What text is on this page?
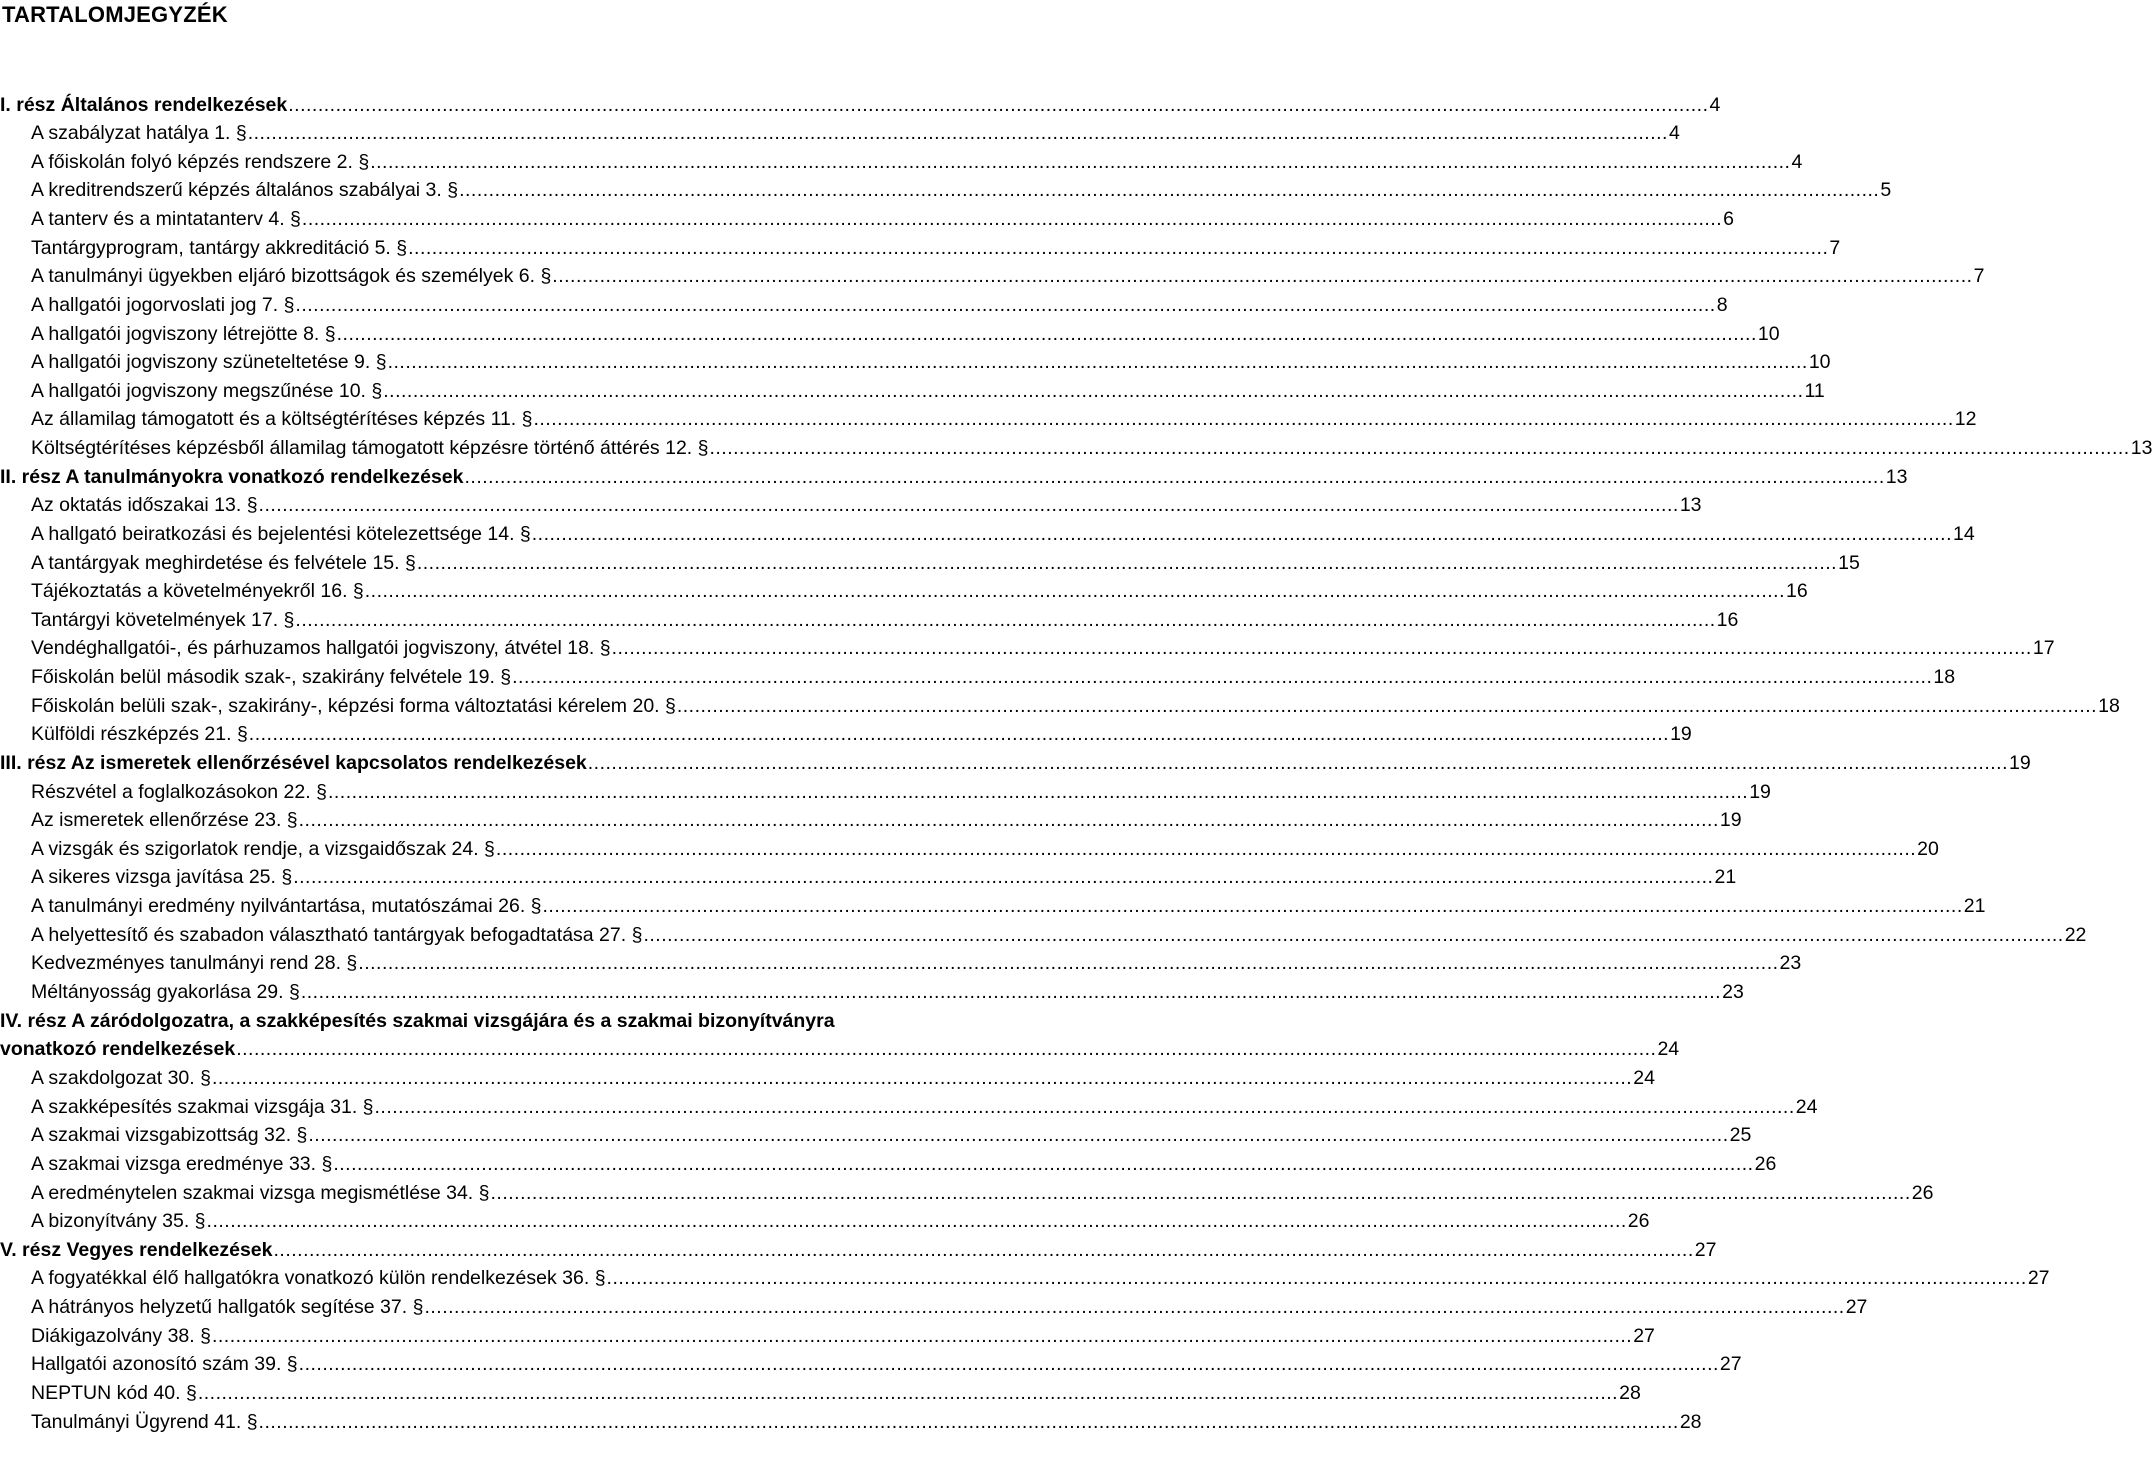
TARTALOMJEGYZÉK
I. rész Általános rendelkezések .....	4
A szabályzat hatálya 1. § .....	4
A főiskolán folyó képzés rendszere 2. § .....	4
A kreditrendszerű képzés általános szabályai 3. § .....	5
A tanterv és a mintatanterv 4. § .....	6
Tantárgyprogram, tantárgy akkreditáció 5. § .....	7
A tanulmányi ügyekben eljáró bizottságok és személyek 6. § .....	7
A hallgatói jogorvoslati jog 7. § .....	8
A hallgatói jogviszony létrejötte 8. § .....	10
A hallgatói jogviszony szüneteltetése 9. § .....	10
A hallgatói jogviszony megszűnése 10. § .....	11
Az államilag támogatott és a költségtérítéses képzés 11. § .....	12
Költségtérítéses képzésből államilag támogatott képzésre történő áttérés 12. § .....	13
II. rész A tanulmányokra vonatkozó rendelkezések .....	13
Az oktatás időszakai 13. § .....	13
A hallgató beiratkozási és bejelentési kötelezettsége 14. § .....	14
A tantárgyak meghirdetése és felvétele 15. § .....	15
Tájékoztatás a követelményekről 16. § .....	16
Tantárgyi követelmények 17. § .....	16
Vendéghallgatói-, és párhuzamos hallgatói jogviszony, átvétel 18. § .....	17
Főiskolán belül második szak-, szakirány felvétele 19. § .....	18
Főiskolán belüli szak-, szakirány-, képzési forma változtatási kérelem 20. § .....	18
Külföldi részképzés 21. § .....	19
III. rész Az ismeretek ellenőrzésével kapcsolatos rendelkezések .....	19
Részvétel a foglalkozásokon 22. § .....	19
Az ismeretek ellenőrzése 23. § .....	19
A vizsgák és szigorlatok rendje, a vizsgaidőszak 24. § .....	20
A sikeres vizsga javítása 25. § .....	21
A tanulmányi eredmény nyilvántartása, mutatószámai 26. § .....	21
A helyettesítő és szabadon választható tantárgyak befogadtatása 27. § .....	22
Kedvezményes tanulmányi rend 28. § .....	23
Méltányosság gyakorlása 29. § .....	23
IV. rész A záródolgozatra, a szakképesítés szakmai vizsgájára és a szakmai bizonyítványra
vonatkozó rendelkezések .....	24
A szakdolgozat 30. § .....	24
A szakképesítés szakmai vizsgája 31. § .....	24
A szakmai vizsgabizottság 32. § .....	25
A szakmai vizsga eredménye 33. § .....	26
A eredménytelen szakmai vizsga megismétlése 34. § .....	26
A bizonyítvány 35. § .....	26
V. rész Vegyes rendelkezések .....	27
A fogyatékkal élő hallgatókra vonatkozó külön rendelkezések 36. § .....	27
A hátrányos helyzetű hallgatók segítése 37. § .....	27
Diákigazolvány 38. § .....	27
Hallgatói azonosító szám 39. § .....	27
NEPTUN kód 40. § .....	28
Tanulmányi Ügyrend 41. § .....	28
